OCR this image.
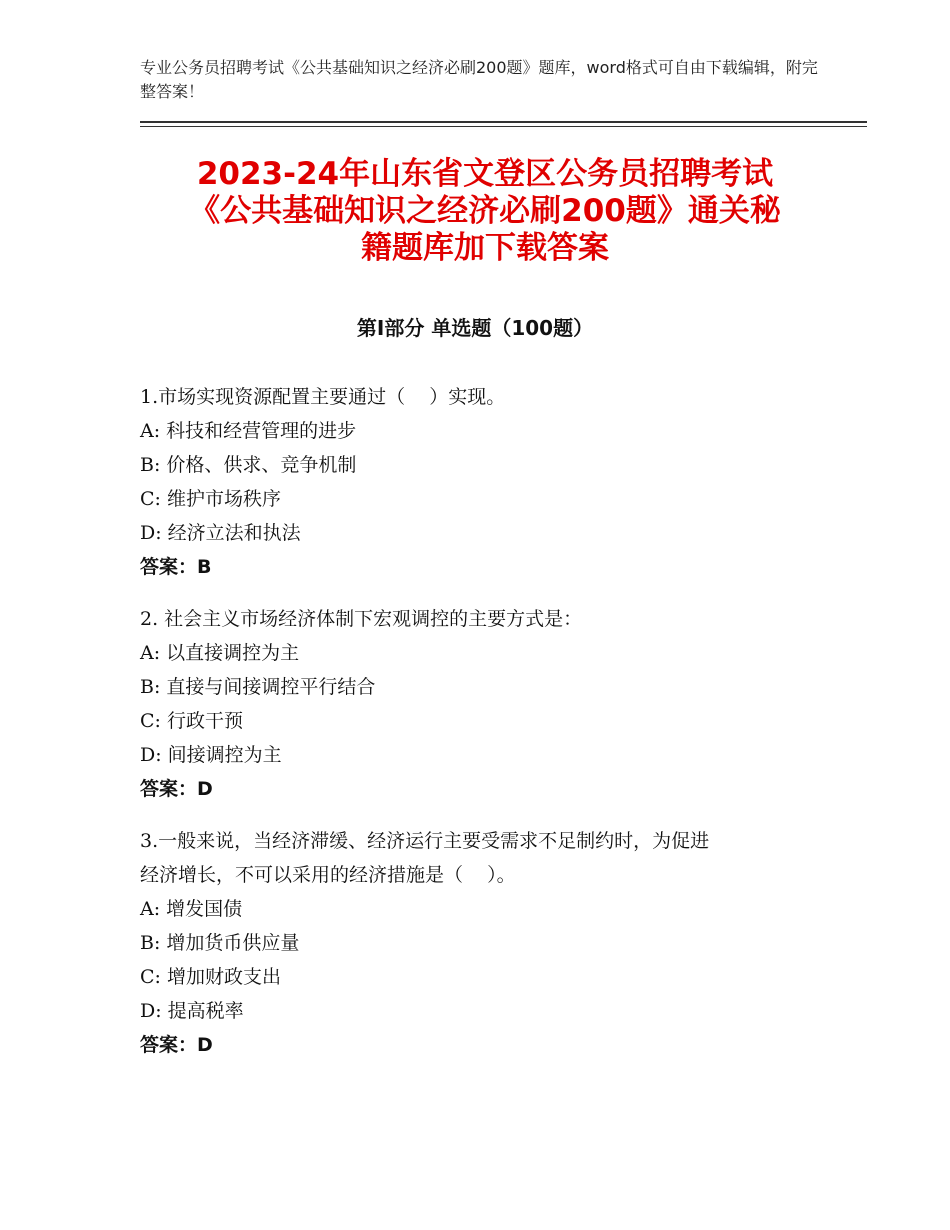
专业公务员招聘考试《公共基础知识之经济必刷200题》题库，word格式可自由下载编辑，附完整答案！
2023-24年山东省文登区公务员招聘考试
《公共基础知识之经济必刷200题》通关秘
籍题库加下载答案
第Ⅰ部分 单选题（100题）
1.市场实现资源配置主要通过（    ）实现。
A: 科技和经营管理的进步
B: 价格、供求、竞争机制
C: 维护市场秩序
D: 经济立法和执法
答案：B
2. 社会主义市场经济体制下宏观调控的主要方式是：
A: 以直接调控为主
B: 直接与间接调控平行结合
C: 行政干预
D: 间接调控为主
答案：D
3.一般来说，当经济滞缓、经济运行主要受需求不足制约时，为促进
经济增长，不可以采用的经济措施是（    ）。
A: 增发国债
B: 增加货币供应量
C: 增加财政支出
D: 提高税率
答案：D
